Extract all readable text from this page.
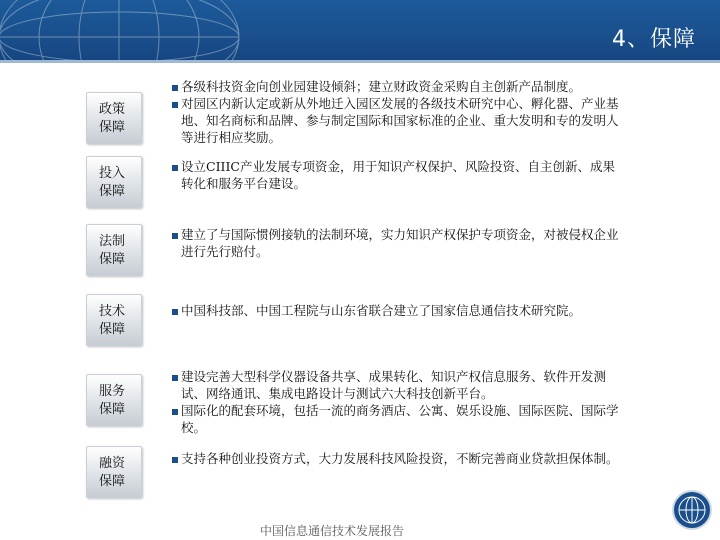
4、保障
政策
保障
各级科技资金向创业园建设倾斜；建立财政资金采购自主创新产品制度。
对园区内新认定或新从外地迁入园区发展的各级技术研究中心、孵化器、产业基地、知名商标和品牌、参与制定国际和国家标准的企业、重大发明和专的发明人等进行相应奖励。
投入
保障
设立CIIIC产业发展专项资金，用于知识产权保护、风险投资、自主创新、成果转化和服务平台建设。
法制
保障
建立了与国际惯例接轨的法制环境，实力知识产权保护专项资金，对被侵权企业进行先行赔付。
技术
保障
中国科技部、中国工程院与山东省联合建立了国家信息通信技术研究院。
服务
保障
建设完善大型科学仪器设备共享、成果转化、知识产权信息服务、软件开发测试、网络通讯、集成电路设计与测试六大科技创新平台。
国际化的配套环境，包括一流的商务酒店、公寓、娱乐设施、国际医院、国际学校。
融资
保障
支持各种创业投资方式，大力发展科技风险投资，不断完善商业贷款担保体制。
中国信息通信技术发展报告
